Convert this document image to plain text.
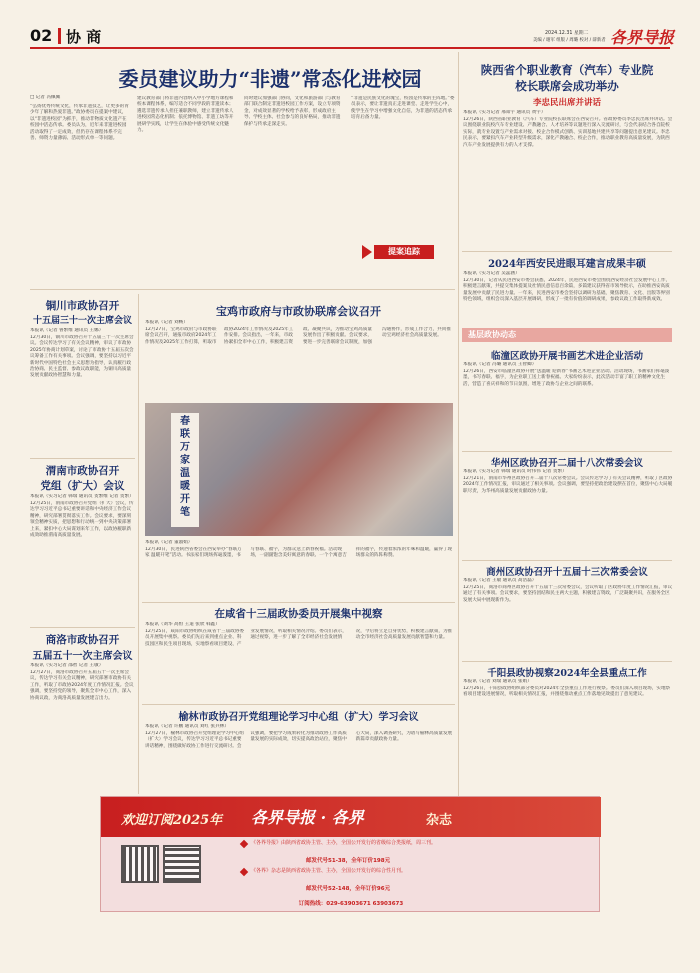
02 协 商	2024.12.31 星期二
美编 / 谢军 组版 / 周璐 校对 / 薛新者 各界导报
委员建议助力“非遗”常态化进校园
□ 记者 冯佩佩
“弘扬优秀传统文化，传承非遗技艺，让更多的青少年了解和热爱非遗。”政协委员在提案中建议，以“非遗进校园”为抓手，推动非物质文化遗产在校园中活态传承。委员认为，近年来非遗进校园活动取得了一定成效，但仍存在课程体系不完善、师资力量薄弱、活动形式单一等问题。
建议教育部门将非遗内容纳入中小学地方课程和校本课程体系，编写适合不同学段的非遗读本；遴选非遗传承人担任兼职教师，建立非遗传承人进校园常态化机制；依托博物馆、非遗工坊等开展研学实践，让学生在体验中感受传统文化魅力。
同时建议加强部门协同，文化和旅游部门与教育部门联合制定非遗进校园工作方案，设立专项资金，对成效显著的学校给予表彰，形成政府主导、学校主体、社会参与的良好格局，推动非遗保护与传承走深走实。
“非遗是民族文化的瑰宝，校园是传承的主阵地。”委员表示，要让非遗真正走进课堂、走进学生心中，使学生在学习中增强文化自信，为非遗的活态传承培育后备力量。
提案追踪
陕西省个职业教育（汽车）专业院
校长联席会成功举办
李忠民出席并讲话
本报讯（实习记者 邢知宇 通讯员 黄宇）
12月26日，陕西省职业教育（汽车）专业院校长联席会在西安召开。省政协委员李忠民出席并讲话。会议围绕职业院校汽车专业建设、产教融合、人才培养等议题进行深入交流研讨，与会代表结合各自院校实际，就专业设置与产业需求对接、校企合作模式创新、实训基地共建共享等问题提出意见建议。李忠民表示，要紧扣汽车产业转型升级需求，深化产教融合、校企合作，推动职业教育高质量发展，为陕西汽车产业发展提供有力的人才支撑。
2024年西安民进眼耳建言成果丰硕
本报讯（实习记者 吴蕊涵）
12月30日，记者从民进西安市委会获悉，2024年，民进西安市委会围绕西安经济社会发展中心工作，积极建言献策，共提交集体提案及社情民意信息百余篇，多篇建议获得省市领导批示，在助推西安高质量发展中贡献了民进力量。一年来，民进西安市委会坚持以调研为基础，聚焦教育、文化、出版等界别特色领域，组织会员深入基层开展调研，形成了一批有价值的调研成果，参政议政工作取得新成效。
基层政协动态
临潼区政协开展书画艺术进企业活动
本报讯（记者 冯璐 通讯员 王智卿）
12月26日，西安市临潼区政协开展“送温暖 迎新春”书画艺术进企业活动。活动现场，书画家们挥毫泼墨，书写春联、福字，为企业职工送上新春祝福。大家纷纷表示，此次活动丰富了职工的精神文化生活，营造了喜庆祥和的节日氛围，增进了政协与企业之间的联系。
华州区政协召开二届十八次常委会议
本报讯（实习记者 韩瑞 通讯员 时伟伟 记者 贺繁）
12月21日，渭南市华州区政协召开二届十八次常委会议。会议传达学习了有关会议精神，听取了区政协2024年工作情况汇报，审议通过了相关事项。会议强调，要坚持把政治建设摆在首位，聚焦中心大局履职尽责，为华州高质量发展贡献政协力量。
商州区政协召开十五届十三次常委会议
本报讯（记者 王敏 通讯员 高浩磊）
12月25日，商洛市商州区政协召开十五届十三次常委会议，会议听取了区政协年度工作情况汇报，审议通过了有关事项。会议要求，要坚持团结和民主两大主题，积极建言资政，广泛凝聚共识，在服务全区发展大局中展现新作为。
千阳县政协视察2024年全县重点工作
本报讯（记者 刘瑞 通讯员 张娟）
12月26日，千阳县政协组织部分委员对2024年全县重点工作进行视察。委员们深入项目现场，实地察看项目建设进展情况，听取相关情况汇报，并围绕推动重点工作落地见效提出了意见建议。
铜川市政协召开
十五届三十一次主席会议
本报讯（记者 鲁繁维 通讯员 王娜）
12月30日，铜川市政协召开十五届三十一次主席会议。会议传达学习了有关会议精神，审议了市政协2025年协商计划草案，讨论了市政协十五届五次会议筹备工作有关事项。会议强调，要坚持以习近平新时代中国特色社会主义思想为指导，认真履行政治协商、民主监督、参政议政职能，为铜川高质量发展贡献政协智慧和力量。
渭南市政协召开
党组（扩大）会议
本报讯（实习记者 韩瑞 通讯员 贺繁维 记者 贺繁）
12月25日，渭南市政协召开党组（扩大）会议，传达学习习近平总书记重要讲话和中央经济工作会议精神，研究部署贯彻落实工作。会议要求，要深刻领会精神实质，把思想和行动统一到中央决策部署上来，紧扣中心大局谋划来年工作，以政协履职新成效助推渭南高质量发展。
商洛市政协召开
五届五十一次主席会议
本报讯（实习记者 邵智 记者 王敏）
12月27日，商洛市政协召开五届五十一次主席会议，传达学习有关会议精神，研究部署市政协有关工作，听取了市政协2024年度工作情况汇报。会议强调，要坚持党的领导，聚焦全市中心工作，深入协商议政，为商洛高质量发展建言出力。
宝鸡市政府与市政协联席会议召开
本报讯（记者 刘畅）
12月27日，宝鸡市政府与市政协联席会议召开，通报市政府2024年工作情况及2025年工作打算，听取市政协2024年工作情况及2025年工作安排。会议指出，一年来，市政协紧扣全市中心工作，积极建言资政、凝聚共识，为推动宝鸡高质量发展作出了积极贡献。会议要求，要进一步完善联席会议制度，加强沟通协作，形成工作合力，共同推动宝鸡经济社会高质量发展。
春
联
万
家
温
暖
开
笔
本报讯（记者 董淑娟）
12月30日，民进陕西省委会在西安举办“春联万家 温暖开笔”活动。书法家们现场挥毫泼墨，书写春联、福字，为群众送上新春祝福。活动现场，一副副饱含美好寓意的春联、一个个寓意吉祥的福字，传递着浓浓的年味和温暖，赢得了现场群众的阵阵称赞。
在咸省十三届政协委员开展集中视察
本报讯（刘华 高恒 王道 张欣 韩鑫）
12月25日，咸阳市政协组织在咸省十三届政协委员开展集中视察。委员们先后来到重点企业、科技园区和民生项目现场，实地察看项目建设、产业发展情况，听取相关情况介绍。委员们表示，通过视察，进一步了解了全市经济社会发展情况，今后将立足自身优势，积极建言献策，为推动全市经济社会高质量发展贡献智慧和力量。
榆林市政协召开党组理论学习中心组（扩大）学习会议
本报讯（记者 许鹏 通讯员 刘红 张兵林）
12月27日，榆林市政协召开党组理论学习中心组（扩大）学习会议，传达学习习近平总书记重要讲话精神，围绕做好政协工作进行交流研讨。会议强调，要把学习成果转化为推动政协工作高质量发展的实际成效，切实提高政治站位，聚焦中心大局，深入调查研究，为谱写榆林高质量发展新篇章贡献政协力量。
欢迎订阅2025年 各界导报 · 各界	杂志
《各界导报》由陕西省政协主管、主办，全国公开发行的省级综合类报纸，周三刊。
邮发代号51-38，全年订价198元
《各界》杂志是陕西省政协主管、主办，全国公开发行的综合性月刊。
邮发代号52-148，全年订价96元
订阅热线：029-63903671 63903673
